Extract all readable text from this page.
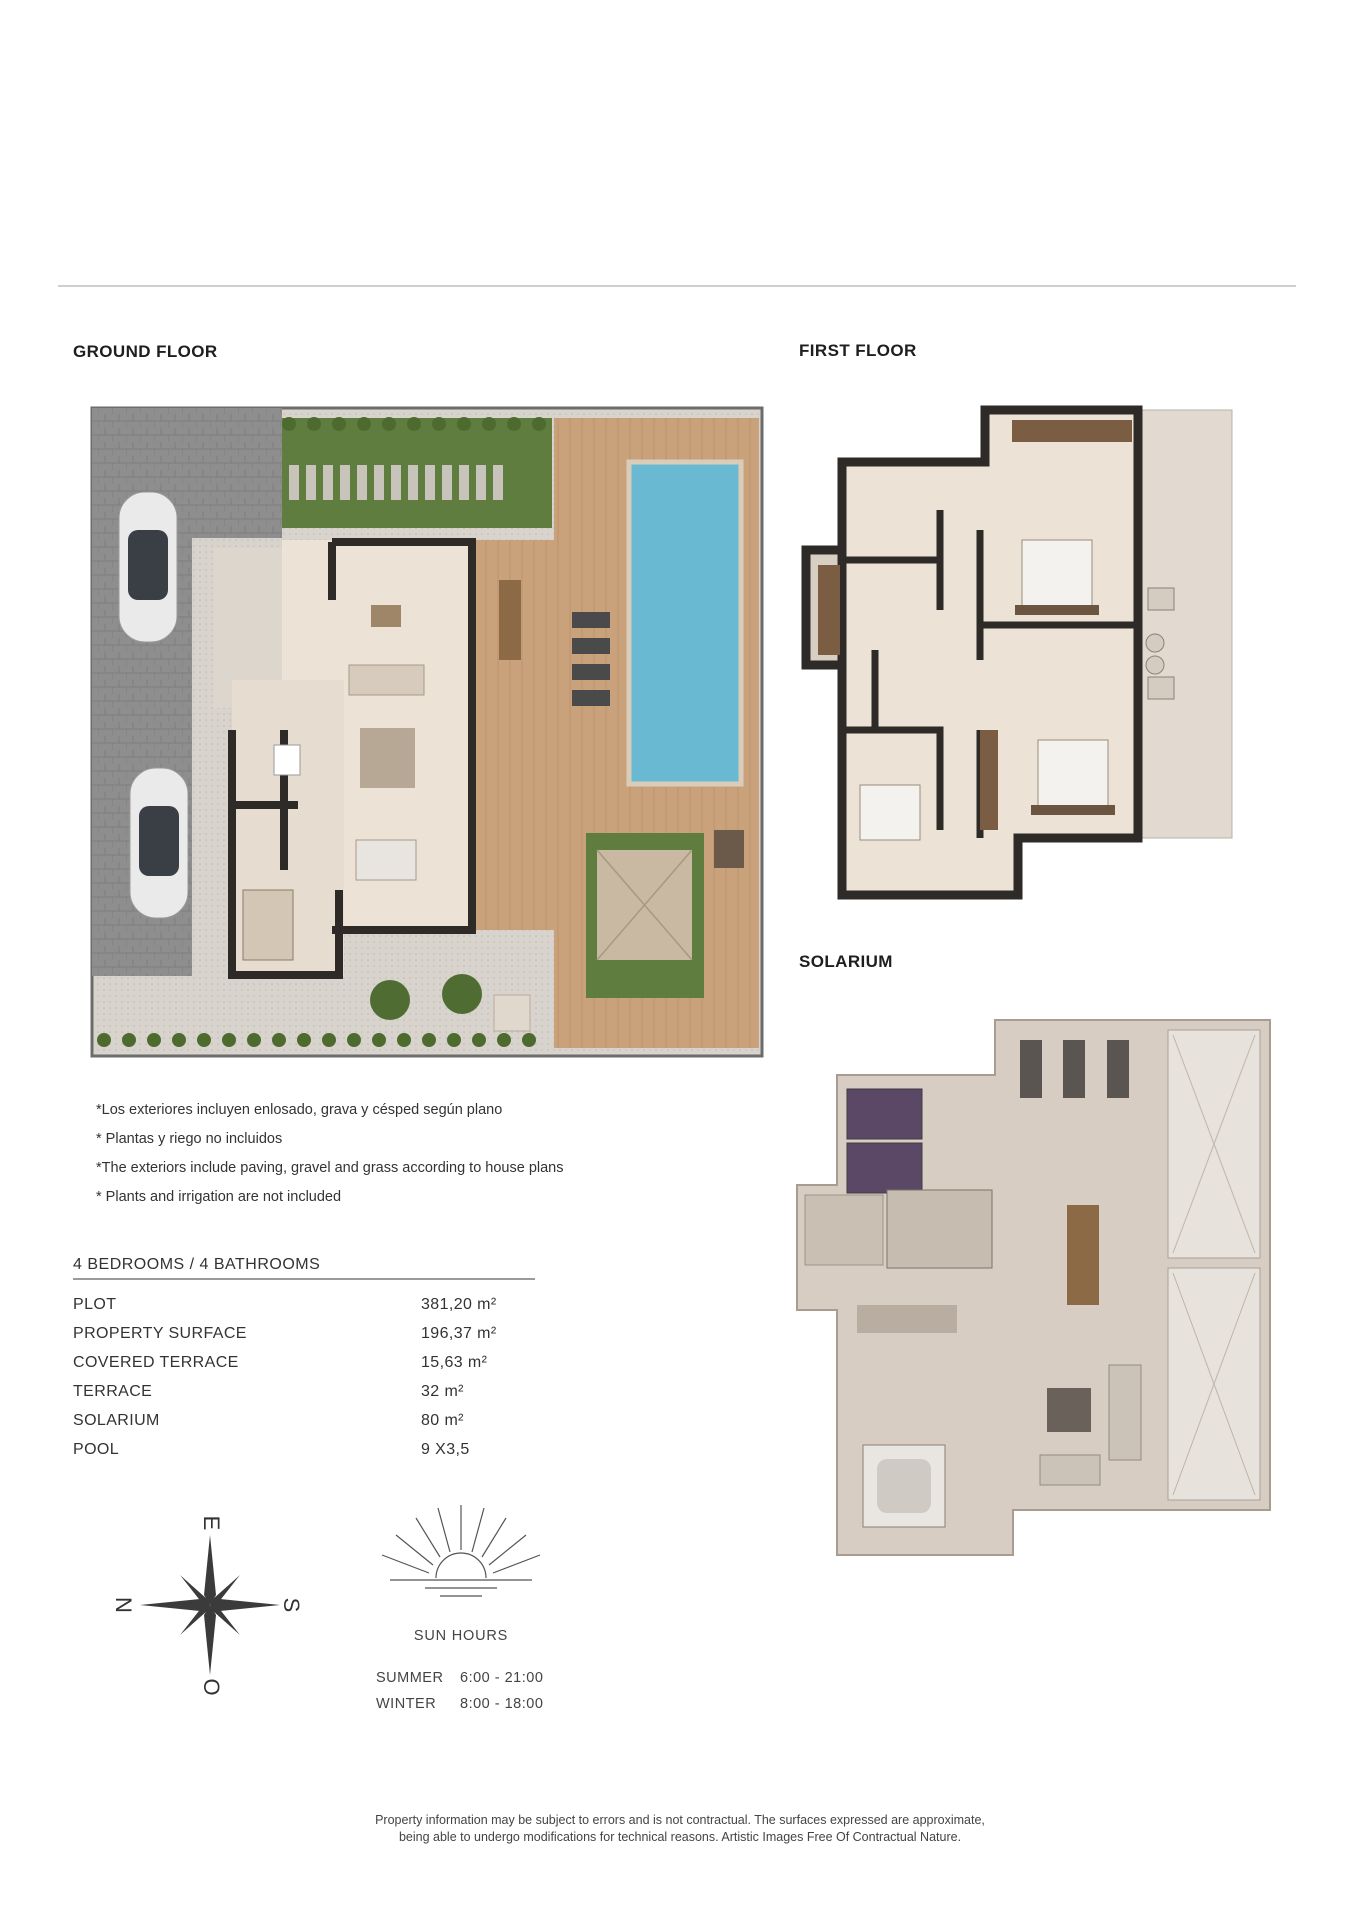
GROUND FLOOR	FIRST FLOOR
SOLARIUM
*Los exteriores incluyen enlosado, grava y césped según plano
* Plantas y riego no incluidos
*The exteriors include paving, gravel and grass according to house plans
* Plants and irrigation are not included
4 BEDROOMS / 4 BATHROOMS
PLOT	381,20 m²
PROPERTY SURFACE	196,37 m²
COVERED TERRACE	15,63 m²
TERRACE	32 m²
SOLARIUM	80 m²
POOL	9 X3,5
E
N	S
O
SUN HOURS
SUMMER 6:00 - 21:00
WINTER 8:00 - 18:00
Property information may be subject to errors and is not contractual. The surfaces expressed are approximate,
being able to undergo modifications for technical reasons. Artistic Images Free Of Contractual Nature.
